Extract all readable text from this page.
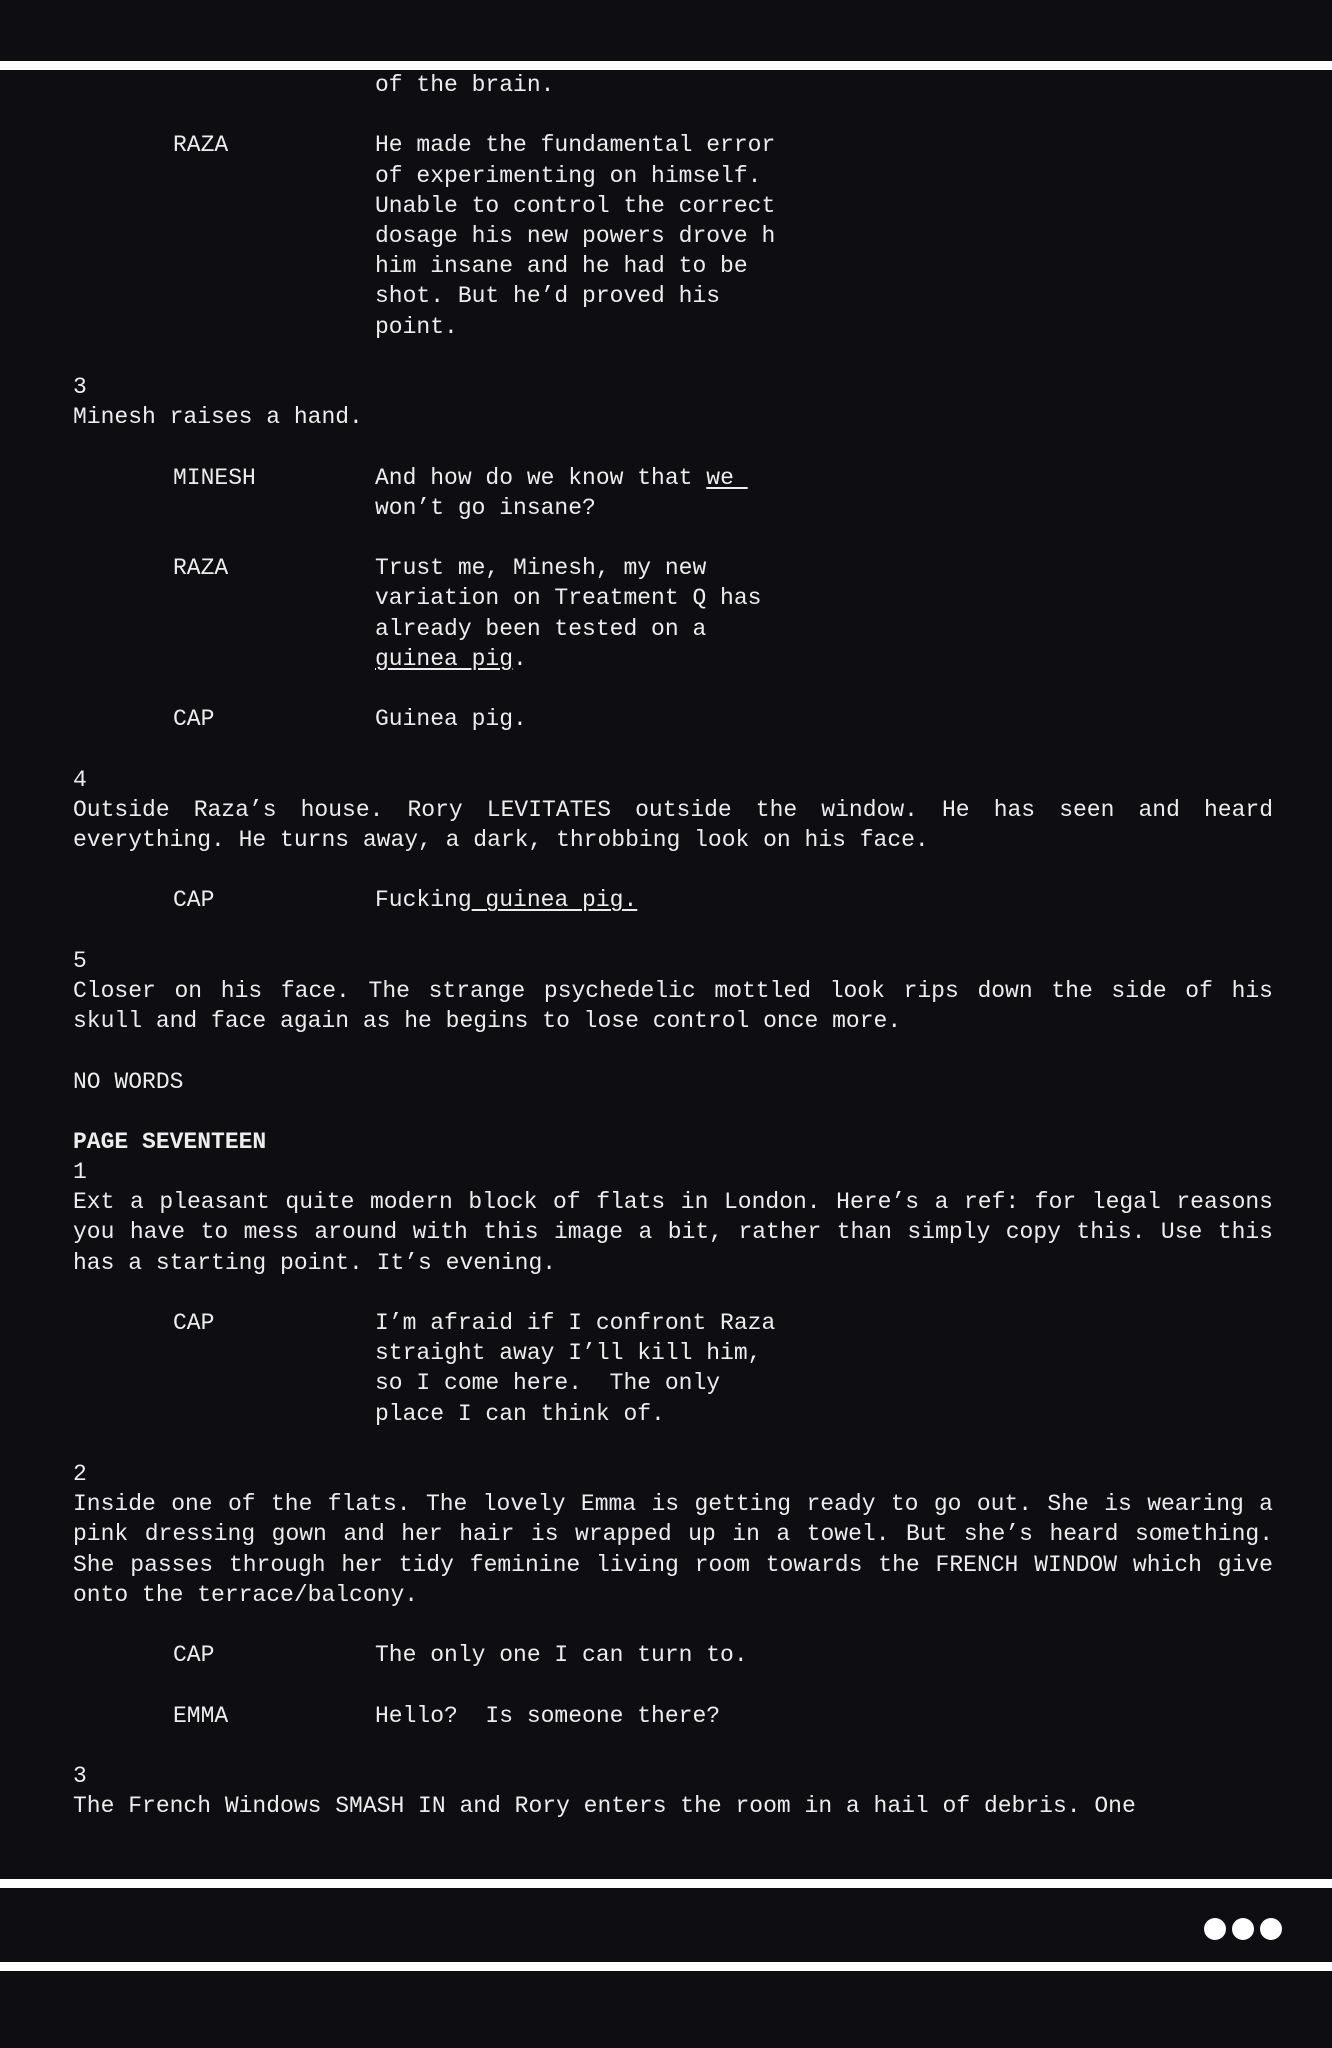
of the brain.
RAZA	He made the fundamental error
of experimenting on himself.
Unable to control the correct
dosage his new powers drove h
him insane and he had to be
shot. But he’d proved his
point.
3
Minesh raises a hand.
MINESH	And how do we know that we
won’t go insane?
RAZA	Trust me, Minesh, my new
variation on Treatment Q has
already been tested on a
guinea pig.
CAP	Guinea pig.
4
Outside Raza’s house. Rory LEVITATES outside the window. He has seen and heard everything. He turns away, a dark, throbbing look on his face.
CAP	Fucking guinea pig.
5
Closer on his face. The strange psychedelic mottled look rips down the side of his skull and face again as he begins to lose control once more.
NO WORDS
PAGE SEVENTEEN
1
Ext a pleasant quite modern block of flats in London. Here’s a ref: for legal reasons you have to mess around with this image a bit, rather than simply copy this. Use this has a starting point. It’s evening.
CAP	I’m afraid if I confront Raza
straight away I’ll kill him,
so I come here.  The only
place I can think of.
2
Inside one of the flats. The lovely Emma is getting ready to go out. She is wearing a pink dressing gown and her hair is wrapped up in a towel. But she’s heard something. She passes through her tidy feminine living room towards the FRENCH WINDOW which give onto the terrace/balcony.
CAP	The only one I can turn to.
EMMA	Hello?  Is someone there?
3
The French Windows SMASH IN and Rory enters the room in a hail of debris. One
